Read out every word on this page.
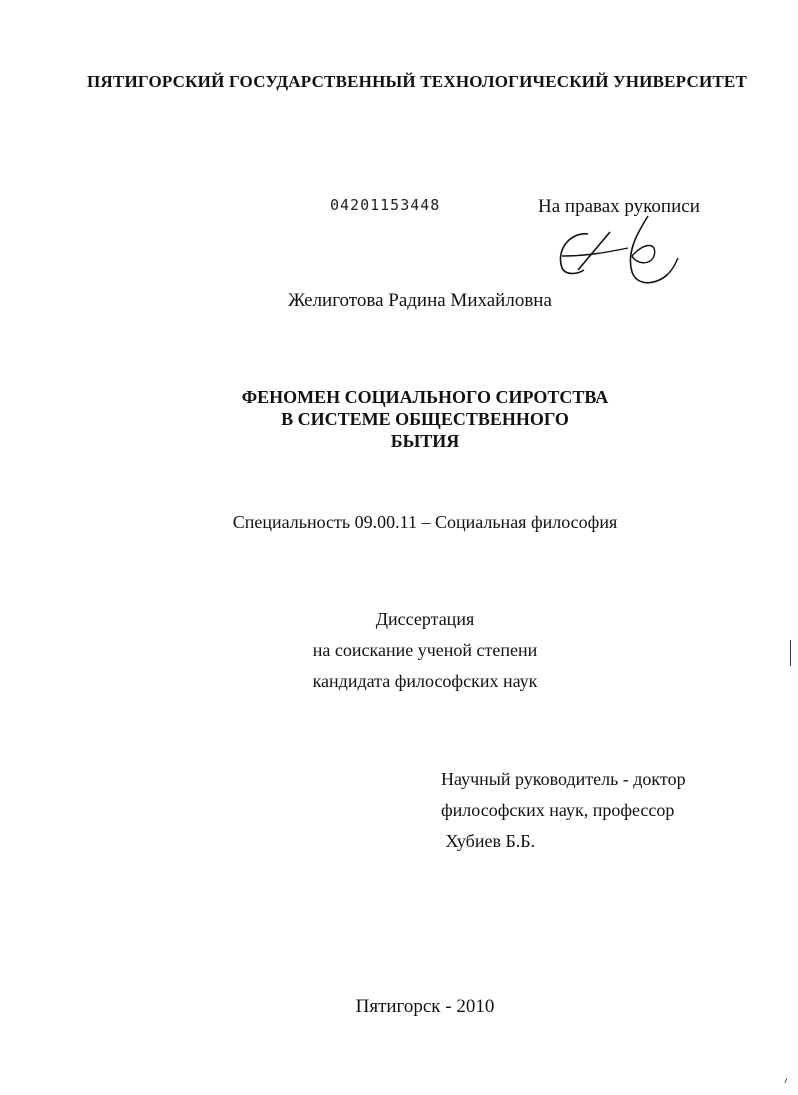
ПЯТИГОРСКИЙ ГОСУДАРСТВЕННЫЙ ТЕХНОЛОГИЧЕСКИЙ УНИВЕРСИТЕТ
04201153448	На правах рукописи
Желиготова Радина Михайловна
ФЕНОМЕН СОЦИАЛЬНОГО СИРОТСТВА
В СИСТЕМЕ ОБЩЕСТВЕННОГО
БЫТИЯ
Специальность 09.00.11 – Социальная философия
Диссертация
на соискание ученой степени
кандидата философских наук
Научный руководитель - доктор
философских наук, профессор
Хубиев Б.Б.
Пятигорск - 2010
